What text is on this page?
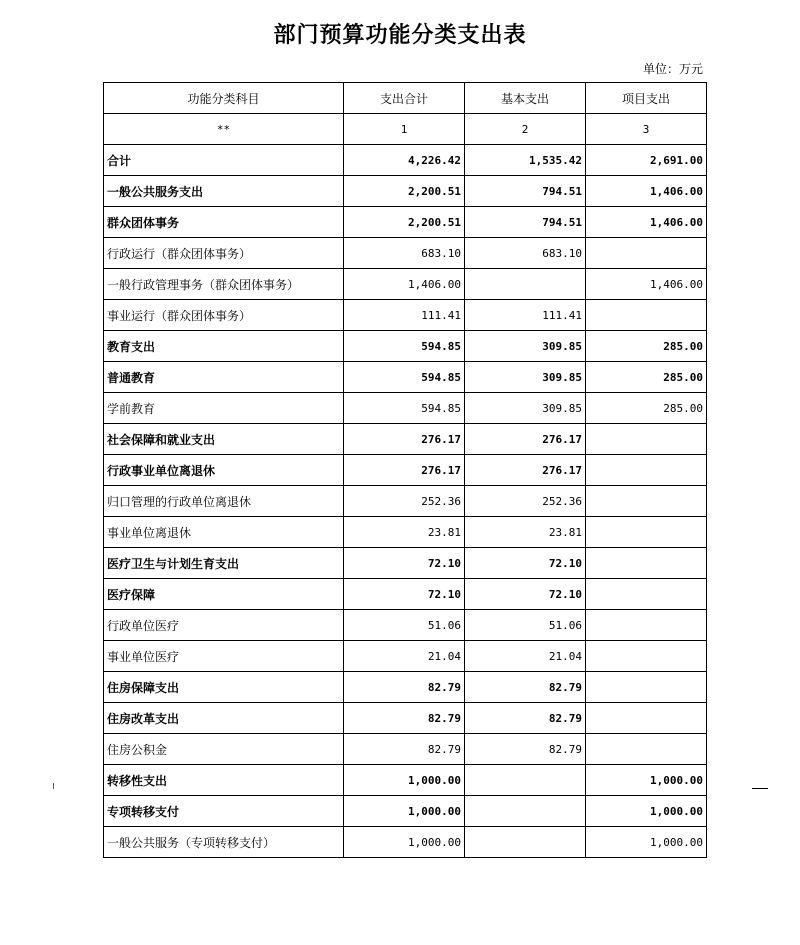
部门预算功能分类支出表
单位：万元
功能分类科目	支出合计	基本支出	项目支出
**	1	2	3
合计	4,226.42	1,535.42	2,691.00
一般公共服务支出	2,200.51	794.51	1,406.00
群众团体事务	2,200.51	794.51	1,406.00
行政运行（群众团体事务）	683.10	683.10	
一般行政管理事务（群众团体事务）	1,406.00		1,406.00
事业运行（群众团体事务）	111.41	111.41	
教育支出	594.85	309.85	285.00
普通教育	594.85	309.85	285.00
学前教育	594.85	309.85	285.00
社会保障和就业支出	276.17	276.17	
行政事业单位离退休	276.17	276.17	
归口管理的行政单位离退休	252.36	252.36	
事业单位离退休	23.81	23.81	
医疗卫生与计划生育支出	72.10	72.10	
医疗保障	72.10	72.10	
行政单位医疗	51.06	51.06	
事业单位医疗	21.04	21.04	
住房保障支出	82.79	82.79	
住房改革支出	82.79	82.79	
住房公积金	82.79	82.79	
转移性支出	1,000.00		1,000.00
专项转移支付	1,000.00		1,000.00
一般公共服务（专项转移支付）	1,000.00		1,000.00
